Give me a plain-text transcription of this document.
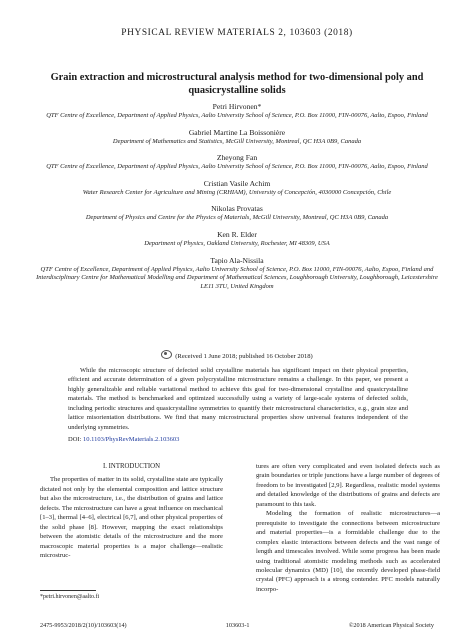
PHYSICAL REVIEW MATERIALS 2, 103603 (2018)
Grain extraction and microstructural analysis method for two-dimensional poly and quasicrystalline solids
Petri Hirvonen*
QTF Centre of Excellence, Department of Applied Physics, Aalto University School of Science, P.O. Box 11000, FIN-00076, Aalto, Espoo, Finland
Gabriel Martine La Boissonière
Department of Mathematics and Statistics, McGill University, Montreal, QC H3A 0B9, Canada
Zheyong Fan
QTF Centre of Excellence, Department of Applied Physics, Aalto University School of Science, P.O. Box 11000, FIN-00076, Aalto, Espoo, Finland
Cristian Vasile Achim
Water Research Center for Agriculture and Mining (CRHIAM), University of Concepción, 4030000 Concepción, Chile
Nikolas Provatas
Department of Physics and Centre for the Physics of Materials, McGill University, Montreal, QC H3A 0B9, Canada
Ken R. Elder
Department of Physics, Oakland University, Rochester, MI 48309, USA
Tapio Ala-Nissila
QTF Centre of Excellence, Department of Applied Physics, Aalto University School of Science, P.O. Box 11000, FIN-00076, Aalto, Espoo, Finland and Interdisciplinary Centre for Mathematical Modelling and Department of Mathematical Sciences, Loughborough University, Loughborough, Leicestershire LE11 3TU, United Kingdom
(Received 1 June 2018; published 16 October 2018)
While the microscopic structure of defected solid crystalline materials has significant impact on their physical properties, efficient and accurate determination of a given polycrystalline microstructure remains a challenge. In this paper, we present a highly generalizable and reliable variational method to achieve this goal for two-dimensional crystalline and quasicrystalline materials. The method is benchmarked and optimized successfully using a variety of large-scale systems of defected solids, including periodic structures and quasicrystalline symmetries to quantify their microstructural characteristics, e.g., grain size and lattice misorientation distributions. We find that many microstructural properties show universal features independent of the underlying symmetries.
DOI: 10.1103/PhysRevMaterials.2.103603
I. INTRODUCTION
The properties of matter in its solid, crystalline state are typically dictated not only by the elemental composition and lattice structure but also the microstructure, i.e., the distribution of grains and lattice defects. The microstructure can have a great influence on mechanical [1–3], thermal [4–6], electrical [6,7], and other physical properties of the solid phase [8]. However, mapping the exact relationships between the atomistic details of the microstructure and the more macroscopic material properties is a major challenge—realistic microstruc-
tures are often very complicated and even isolated defects such as grain boundaries or triple junctions have a large number of degrees of freedom to be investigated [2,9]. Regardless, realistic model systems and detailed knowledge of the distributions of grains and defects are paramount to this task.
Modeling the formation of realistic microstructures—a prerequisite to investigate the connections between microstructure and material properties—is a formidable challenge due to the complex elastic interactions between defects and the vast range of length and timescales involved. While some progress has been made using traditional atomistic modeling methods such as accelerated molecular dynamics (MD) [10], the recently developed phase-field crystal (PFC) approach is a strong contender. PFC models naturally incorpo-
*petri.hirvonen@aalto.fi
2475-9953/2018/2(10)/103603(14)	103603-1	©2018 American Physical Society
